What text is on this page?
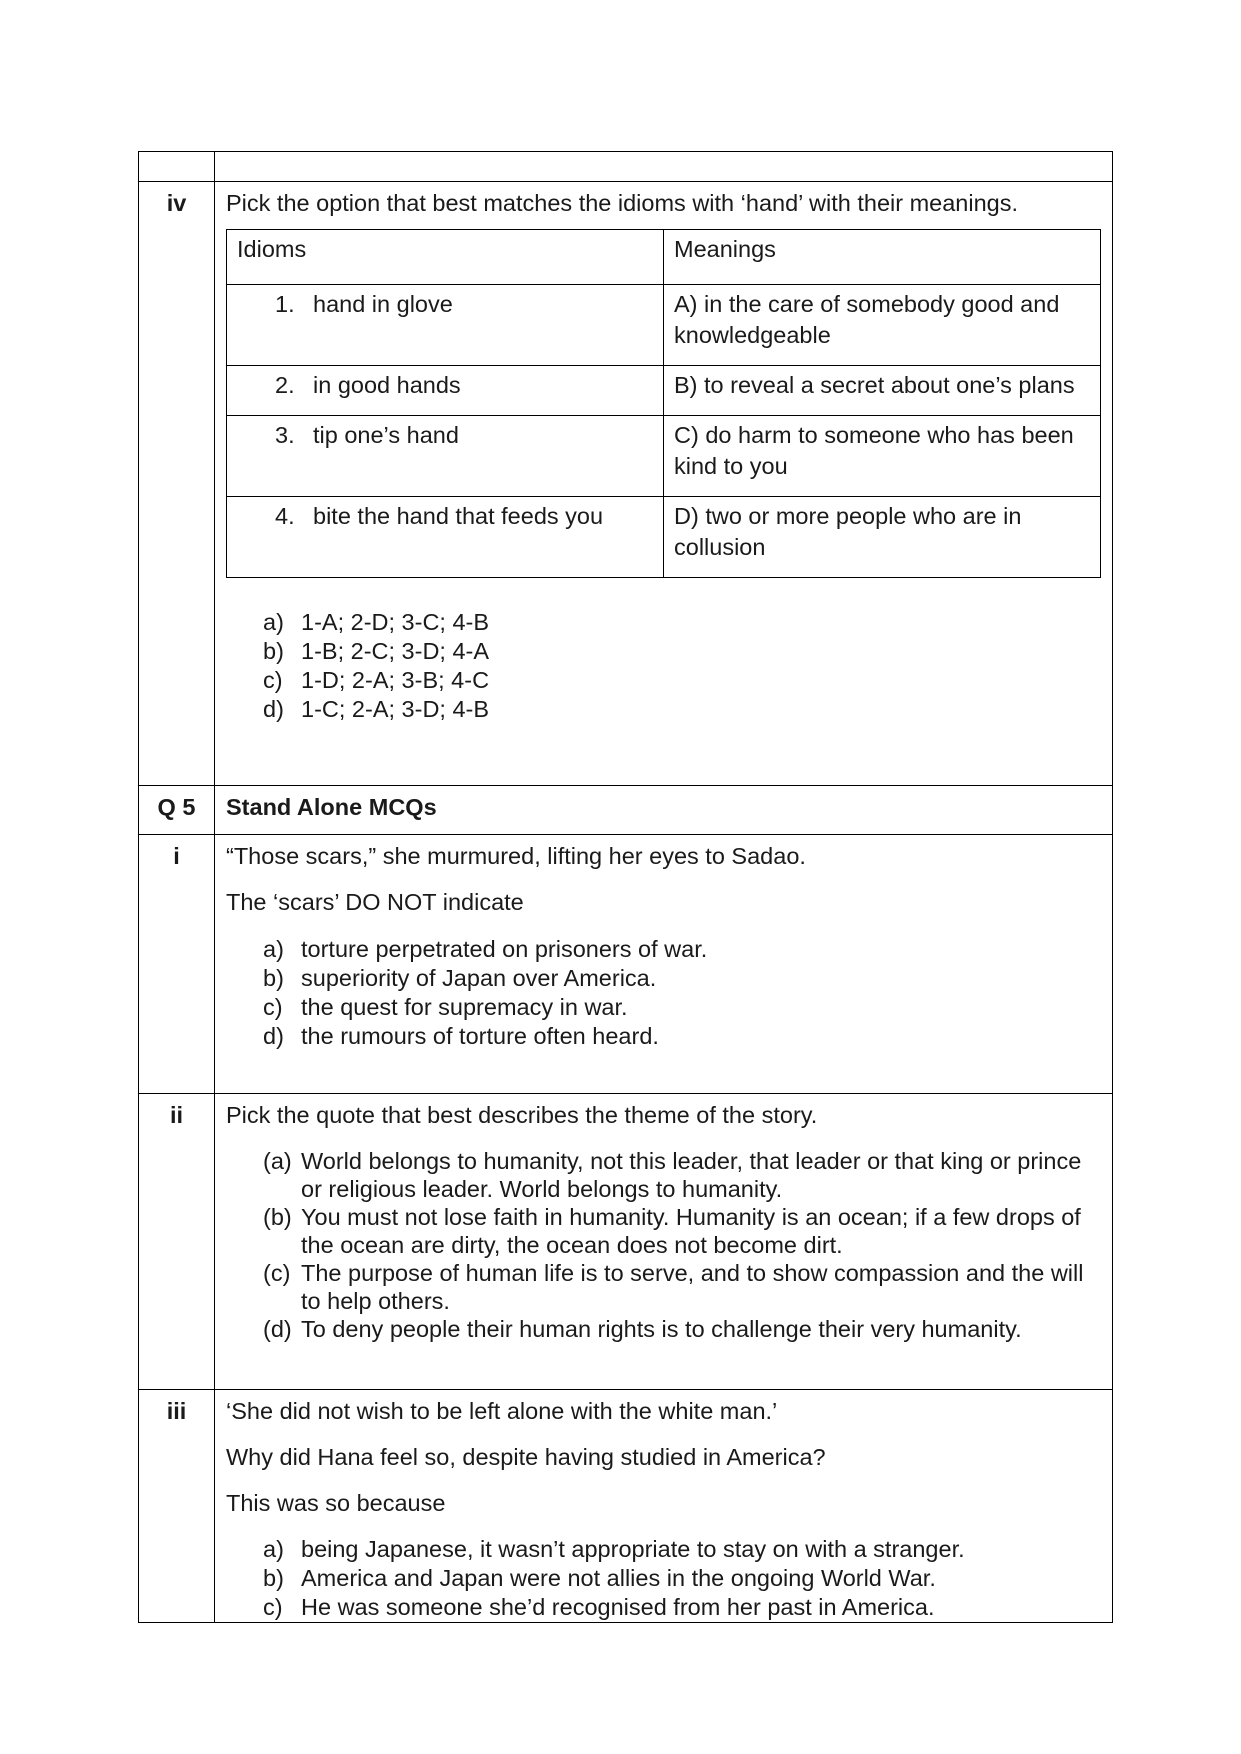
iv	Pick the option that best matches the idioms with ‘hand’ with their meanings.

Idioms	Meanings
1. hand in glove	A) in the care of somebody good and knowledgeable
2. in good hands	B) to reveal a secret about one’s plans
3. tip one’s hand	C) do harm to someone who has been kind to you
4. bite the hand that feeds you	D) two or more people who are in collusion
a) 1-A; 2-D; 3-C; 4-B
b) 1-B; 2-C; 3-D; 4-A
c) 1-D; 2-A; 3-B; 4-C
d) 1-C; 2-A; 3-D; 4-B

Q 5	Stand Alone MCQs
i	“Those scars,” she murmured, lifting her eyes to Sadao.

The ‘scars’ DO NOT indicate

a) torture perpetrated on prisoners of war.
b) superiority of Japan over America.
c) the quest for supremacy in war.
d) the rumours of torture often heard.

ii	Pick the quote that best describes the theme of the story.

(a) World belongs to humanity, not this leader, that leader or that king or prince or religious leader. World belongs to humanity.
(b) You must not lose faith in humanity. Humanity is an ocean; if a few drops of the ocean are dirty, the ocean does not become dirt.
(c) The purpose of human life is to serve, and to show compassion and the will to help others.
(d) To deny people their human rights is to challenge their very humanity.

iii	‘She did not wish to be left alone with the white man.’

Why did Hana feel so, despite having studied in America?

This was so because

a) being Japanese, it wasn’t appropriate to stay on with a stranger.
b) America and Japan were not allies in the ongoing World War.
c) He was someone she’d recognised from her past in America.
